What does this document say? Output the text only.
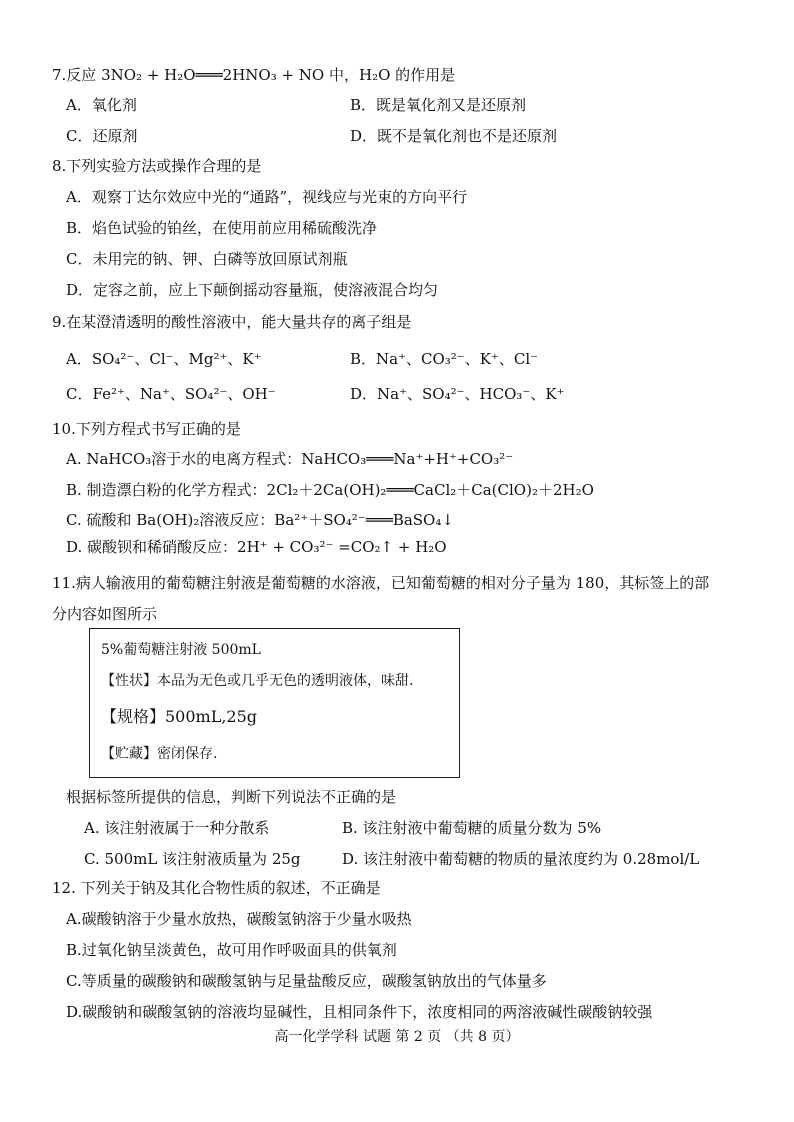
7.反应 3NO₂ + H₂O═══2HNO₃ + NO 中，H₂O 的作用是
A．氧化剂	B．既是氧化剂又是还原剂
C．还原剂	D．既不是氧化剂也不是还原剂
8.下列实验方法或操作合理的是
A．观察丁达尔效应中光的“通路”，视线应与光束的方向平行
B．焰色试验的铂丝，在使用前应用稀硫酸洗净
C．未用完的钠、钾、白磷等放回原试剂瓶
D．定容之前，应上下颠倒摇动容量瓶，使溶液混合均匀
9.在某澄清透明的酸性溶液中，能大量共存的离子组是
A．SO₄²⁻、Cl⁻、Mg²⁺、K⁺	B．Na⁺、CO₃²⁻、K⁺、Cl⁻
C．Fe²⁺、Na⁺、SO₄²⁻、OH⁻	D．Na⁺、SO₄²⁻、HCO₃⁻、K⁺
10.下列方程式书写正确的是
A. NaHCO₃溶于水的电离方程式：NaHCO₃═══Na⁺+H⁺+CO₃²⁻
B. 制造漂白粉的化学方程式：2Cl₂＋2Ca(OH)₂═══CaCl₂＋Ca(ClO)₂＋2H₂O
C. 硫酸和 Ba(OH)₂溶液反应：Ba²⁺＋SO₄²⁻═══BaSO₄↓
D. 碳酸钡和稀硝酸反应：2H⁺ + CO₃²⁻ =CO₂↑ + H₂O
11.病人输液用的葡萄糖注射液是葡萄糖的水溶液，已知葡萄糖的相对分子量为 180，其标签上的部
分内容如图所示
5%葡萄糖注射液 500mL
【性状】本品为无色或几乎无色的透明液体，味甜.
【规格】500mL,25g
【贮藏】密闭保存.
根据标签所提供的信息，判断下列说法不正确的是
A. 该注射液属于一种分散系	B. 该注射液中葡萄糖的质量分数为 5%
C. 500mL 该注射液质量为 25g	D. 该注射液中葡萄糖的物质的量浓度约为 0.28mol/L
12. 下列关于钠及其化合物性质的叙述，不正确是
A.碳酸钠溶于少量水放热，碳酸氢钠溶于少量水吸热
B.过氧化钠呈淡黄色，故可用作呼吸面具的供氧剂
C.等质量的碳酸钠和碳酸氢钠与足量盐酸反应，碳酸氢钠放出的气体量多
D.碳酸钠和碳酸氢钠的溶液均显碱性，且相同条件下，浓度相同的两溶液碱性碳酸钠较强
高一化学学科 试题 第 2 页 （共 8 页）
